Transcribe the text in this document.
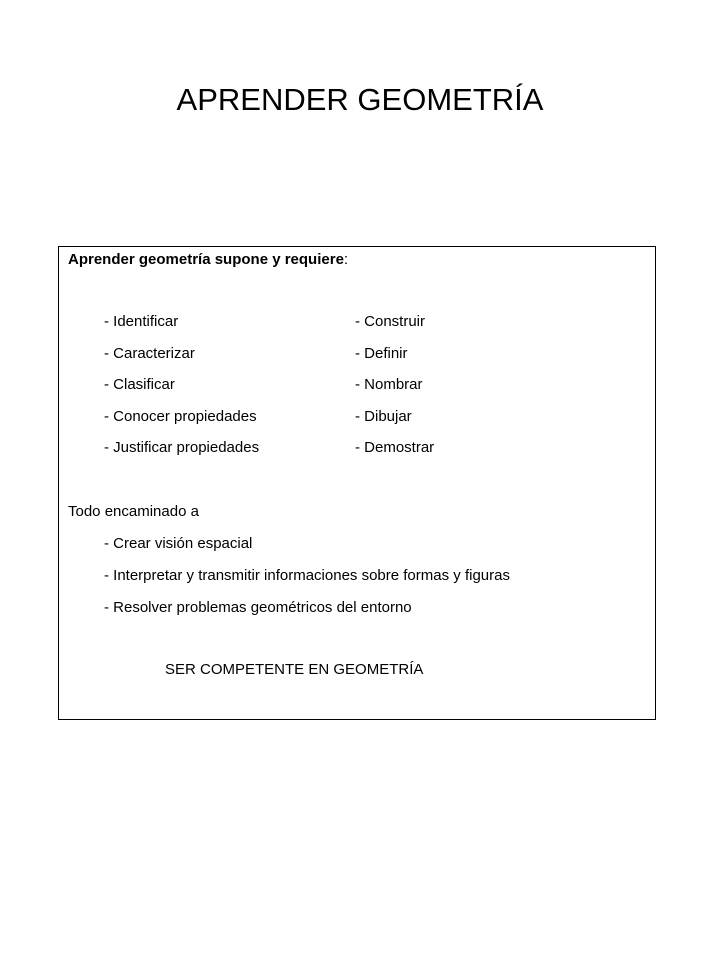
APRENDER GEOMETRÍA
Aprender geometría supone y requiere:
- Identificar
- Caracterizar
- Clasificar
- Conocer propiedades
- Justificar propiedades
- Construir
- Definir
- Nombrar
- Dibujar
- Demostrar
Todo encaminado a
- Crear visión espacial
- Interpretar y transmitir informaciones sobre formas y figuras
- Resolver problemas geométricos del entorno
SER COMPETENTE EN GEOMETRÍA
